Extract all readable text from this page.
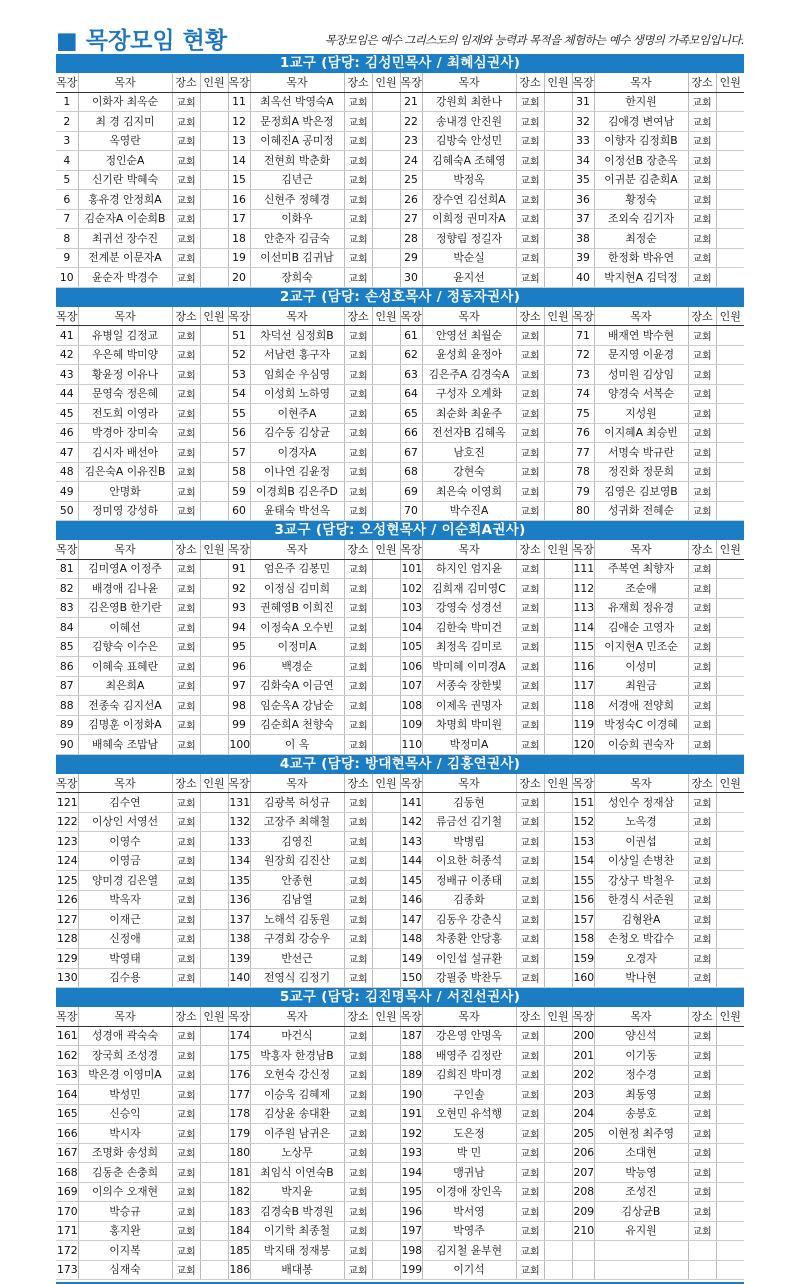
■ 목장모임 현황	목장모임은 예수 그리스도의 임재와 능력과 목적을 체험하는 예수 생명의 가족모임입니다.
1교구 (담당: 김성민목사 / 최혜심권사)
목장	목자	장소	인원	목장	목자	장소	인원	목장	목자	장소	인원	목장	목자	장소	인원
1	이화자 최옥순	교회		11	최옥선 박영숙A	교회		21	강원희 최한나	교회		31	한지원	교회	
2	최 경 김지미	교회		12	문정희A 박은정	교회		22	송내경 안진원	교회		32	김애경 변여남	교회	
3	옥영란	교회		13	이혜진A 공미정	교회		23	김방숙 안성민	교회		33	이향자 김정희B	교회	
4	정인순A	교회		14	전현희 박춘화	교회		24	김혜숙A 조혜영	교회		34	이정선B 장춘옥	교회	
5	신기란 박혜숙	교회		15	김년근	교회		25	박정옥	교회		35	이귀분 김춘희A	교회	
6	홍유경 안정희A	교회		16	신현주 정혜경	교회		26	장수연 김선희A	교회		36	황정숙	교회	
7	김순자A 이순희B	교회		17	이화우	교회		27	이희정 권미자A	교회		37	조외숙 김기자	교회	
8	최귀선 장수진	교회		18	안춘자 김금숙	교회		28	정향림 정길자	교회		38	최정순	교회	
9	전계분 이문자A	교회		19	이선미B 김귀남	교회		29	박순실	교회		39	한정화 박유연	교회	
10	윤순자 박경수	교회		20	장희숙	교회		30	윤지선	교회		40	박지현A 김덕정	교회	
2교구 (담당: 손성호목사 / 정동자권사)
목장	목자	장소	인원	목장	목자	장소	인원	목장	목자	장소	인원	목장	목자	장소	인원
41	유병일 김정교	교회		51	차덕선 심정희B	교회		61	안영선 최월순	교회		71	배재연 박수현	교회	
42	우은혜 박미양	교회		52	서남련 홍구자	교회		62	윤성희 윤정아	교회		72	문지영 이윤경	교회	
43	황윤정 이유나	교회		53	임희순 우심영	교회		63	김은주A 김경숙A	교회		73	성미원 김상임	교회	
44	문영숙 정은혜	교회		54	이성희 노하영	교회		64	구성자 오계화	교회		74	양경숙 서복순	교회	
45	전도희 이영라	교회		55	이현주A	교회		65	최순화 최윤주	교회		75	지성원	교회	
46	박경아 장미숙	교회		56	김수동 김상균	교회		66	전선자B 김혜옥	교회		76	이지혜A 최승빈	교회	
47	김시자 배선아	교회		57	이경자A	교회		67	남호진	교회		77	서명숙 박규란	교회	
48	김은숙A 이유진B	교회		58	이나연 김윤정	교회		68	강현숙	교회		78	정진화 정문희	교회	
49	안명화	교회		59	이경희B 김은주D	교회		69	최은숙 이영희	교회		79	김영은 김보영B	교회	
50	정미영 강성하	교회		60	윤태숙 박선옥	교회		70	박수진A	교회		80	성귀화 전혜순	교회	
3교구 (담당: 오성현목사 / 이순희A권사)
목장	목자	장소	인원	목장	목자	장소	인원	목장	목자	장소	인원	목장	목자	장소	인원
81	김미영A 이정주	교회		91	엄은주 김봉민	교회		101	하지인 엄지윤	교회		111	주복연 최향자	교회	
82	배경애 김나윤	교회		92	이정심 김미희	교회		102	김희재 김미영C	교회		112	조순애	교회	
83	김은영B 한기란	교회		93	권혜영B 이희진	교회		103	강영숙 성경선	교회		113	유재희 정유경	교회	
84	이혜선	교회		94	이정숙A 오수빈	교회		104	김한숙 박미건	교회		114	김애순 고영자	교회	
85	김향숙 이수은	교회		95	이정미A	교회		105	최정옥 김미로	교회		115	이지현A 민조순	교회	
86	이혜숙 표혜란	교회		96	백경순	교회		106	박미혜 이미경A	교회		116	이성미	교회	
87	최은희A	교회		97	김화숙A 이금연	교회		107	서종숙 장한빛	교회		117	최원금	교회	
88	전종숙 김지선A	교회		98	임순옥A 강남순	교회		108	이제옥 권명자	교회		118	서경애 전양희	교회	
89	김명훈 이정화A	교회		99	김순희A 천향숙	교회		109	차명희 박미원	교회		119	박정숙C 이경혜	교회	
90	배혜숙 조맙남	교회		100	이 옥	교회		110	박정미A	교회		120	이승희 권숙자	교회	
4교구 (담당: 방대현목사 / 김홍연권사)
목장	목자	장소	인원	목장	목자	장소	인원	목장	목자	장소	인원	목장	목자	장소	인원
121	김수연	교회		131	김광복 허성규	교회		141	김동현	교회		151	성인수 정재삼	교회	
122	이상인 서영선	교회		132	고장주 최해철	교회		142	류금선 김기철	교회		152	노옥경	교회	
123	이영수	교회		133	김영진	교회		143	박병림	교회		153	이권섭	교회	
124	이영금	교회		134	원장희 김진산	교회		144	이요한 허종석	교회		154	이상일 손병찬	교회	
125	양미경 김은열	교회		135	안종현	교회		145	정배규 이종태	교회		155	강상구 박철우	교회	
126	박옥자	교회		136	김남열	교회		146	김종화	교회		156	한경식 서준원	교회	
127	이재근	교회		137	노해석 김동원	교회		147	김동우 강춘식	교회		157	김형완A	교회	
128	신정애	교회		138	구경회 강승우	교회		148	차종환 안당홍	교회		158	손청오 박갑수	교회	
129	박영태	교회		139	반선근	교회		149	이인섭 설규환	교회		159	오경자	교회	
130	김수용	교회		140	전영식 김정기	교회		150	강필중 박찬두	교회		160	박나현	교회	
5교구 (담당: 김진명목사 / 서진선권사)
목장	목자	장소	인원	목장	목자	장소	인원	목장	목자	장소	인원	목장	목자	장소	인원
161	성경애 곽숙숙	교회		174	마건식	교회		187	강은영 안명옥	교회		200	양신석	교회	
162	장국희 조성경	교회		175	박홍자 한경남B	교회		188	배영주 김정란	교회		201	이기동	교회	
163	박은경 이영미A	교회		176	오현숙 강신정	교회		189	김희진 박미경	교회		202	정수경	교회	
164	박성민	교회		177	이승욱 김혜제	교회		190	구인솔	교회		203	최동영	교회	
165	신승익	교회		178	김상윤 송대환	교회		191	오현민 유석행	교회		204	송봉호	교회	
166	박시자	교회		179	이주원 남귀은	교회		192	도은정	교회		205	이현정 최주영	교회	
167	조명화 송성희	교회		180	노상무	교회		193	박 민	교회		206	소대현	교회	
168	김동춘 손충희	교회		181	최임식 이연숙B	교회		194	맹귀남	교회		207	박능영	교회	
169	이의수 오재현	교회		182	박지윤	교회		195	이경애 장인옥	교회		208	조성진	교회	
170	박승규	교회		183	김경숙B 박경원	교회		196	박서영	교회		209	김상균B	교회	
171	홍지완	교회		184	이기학 최종철	교회		197	박영주	교회		210	유지원	교회	
172	이지복	교회		185	박지태 정재봉	교회		198	김지철 윤부현	교회					
173	심재숙	교회		186	배대봉	교회		199	이기석	교회					
